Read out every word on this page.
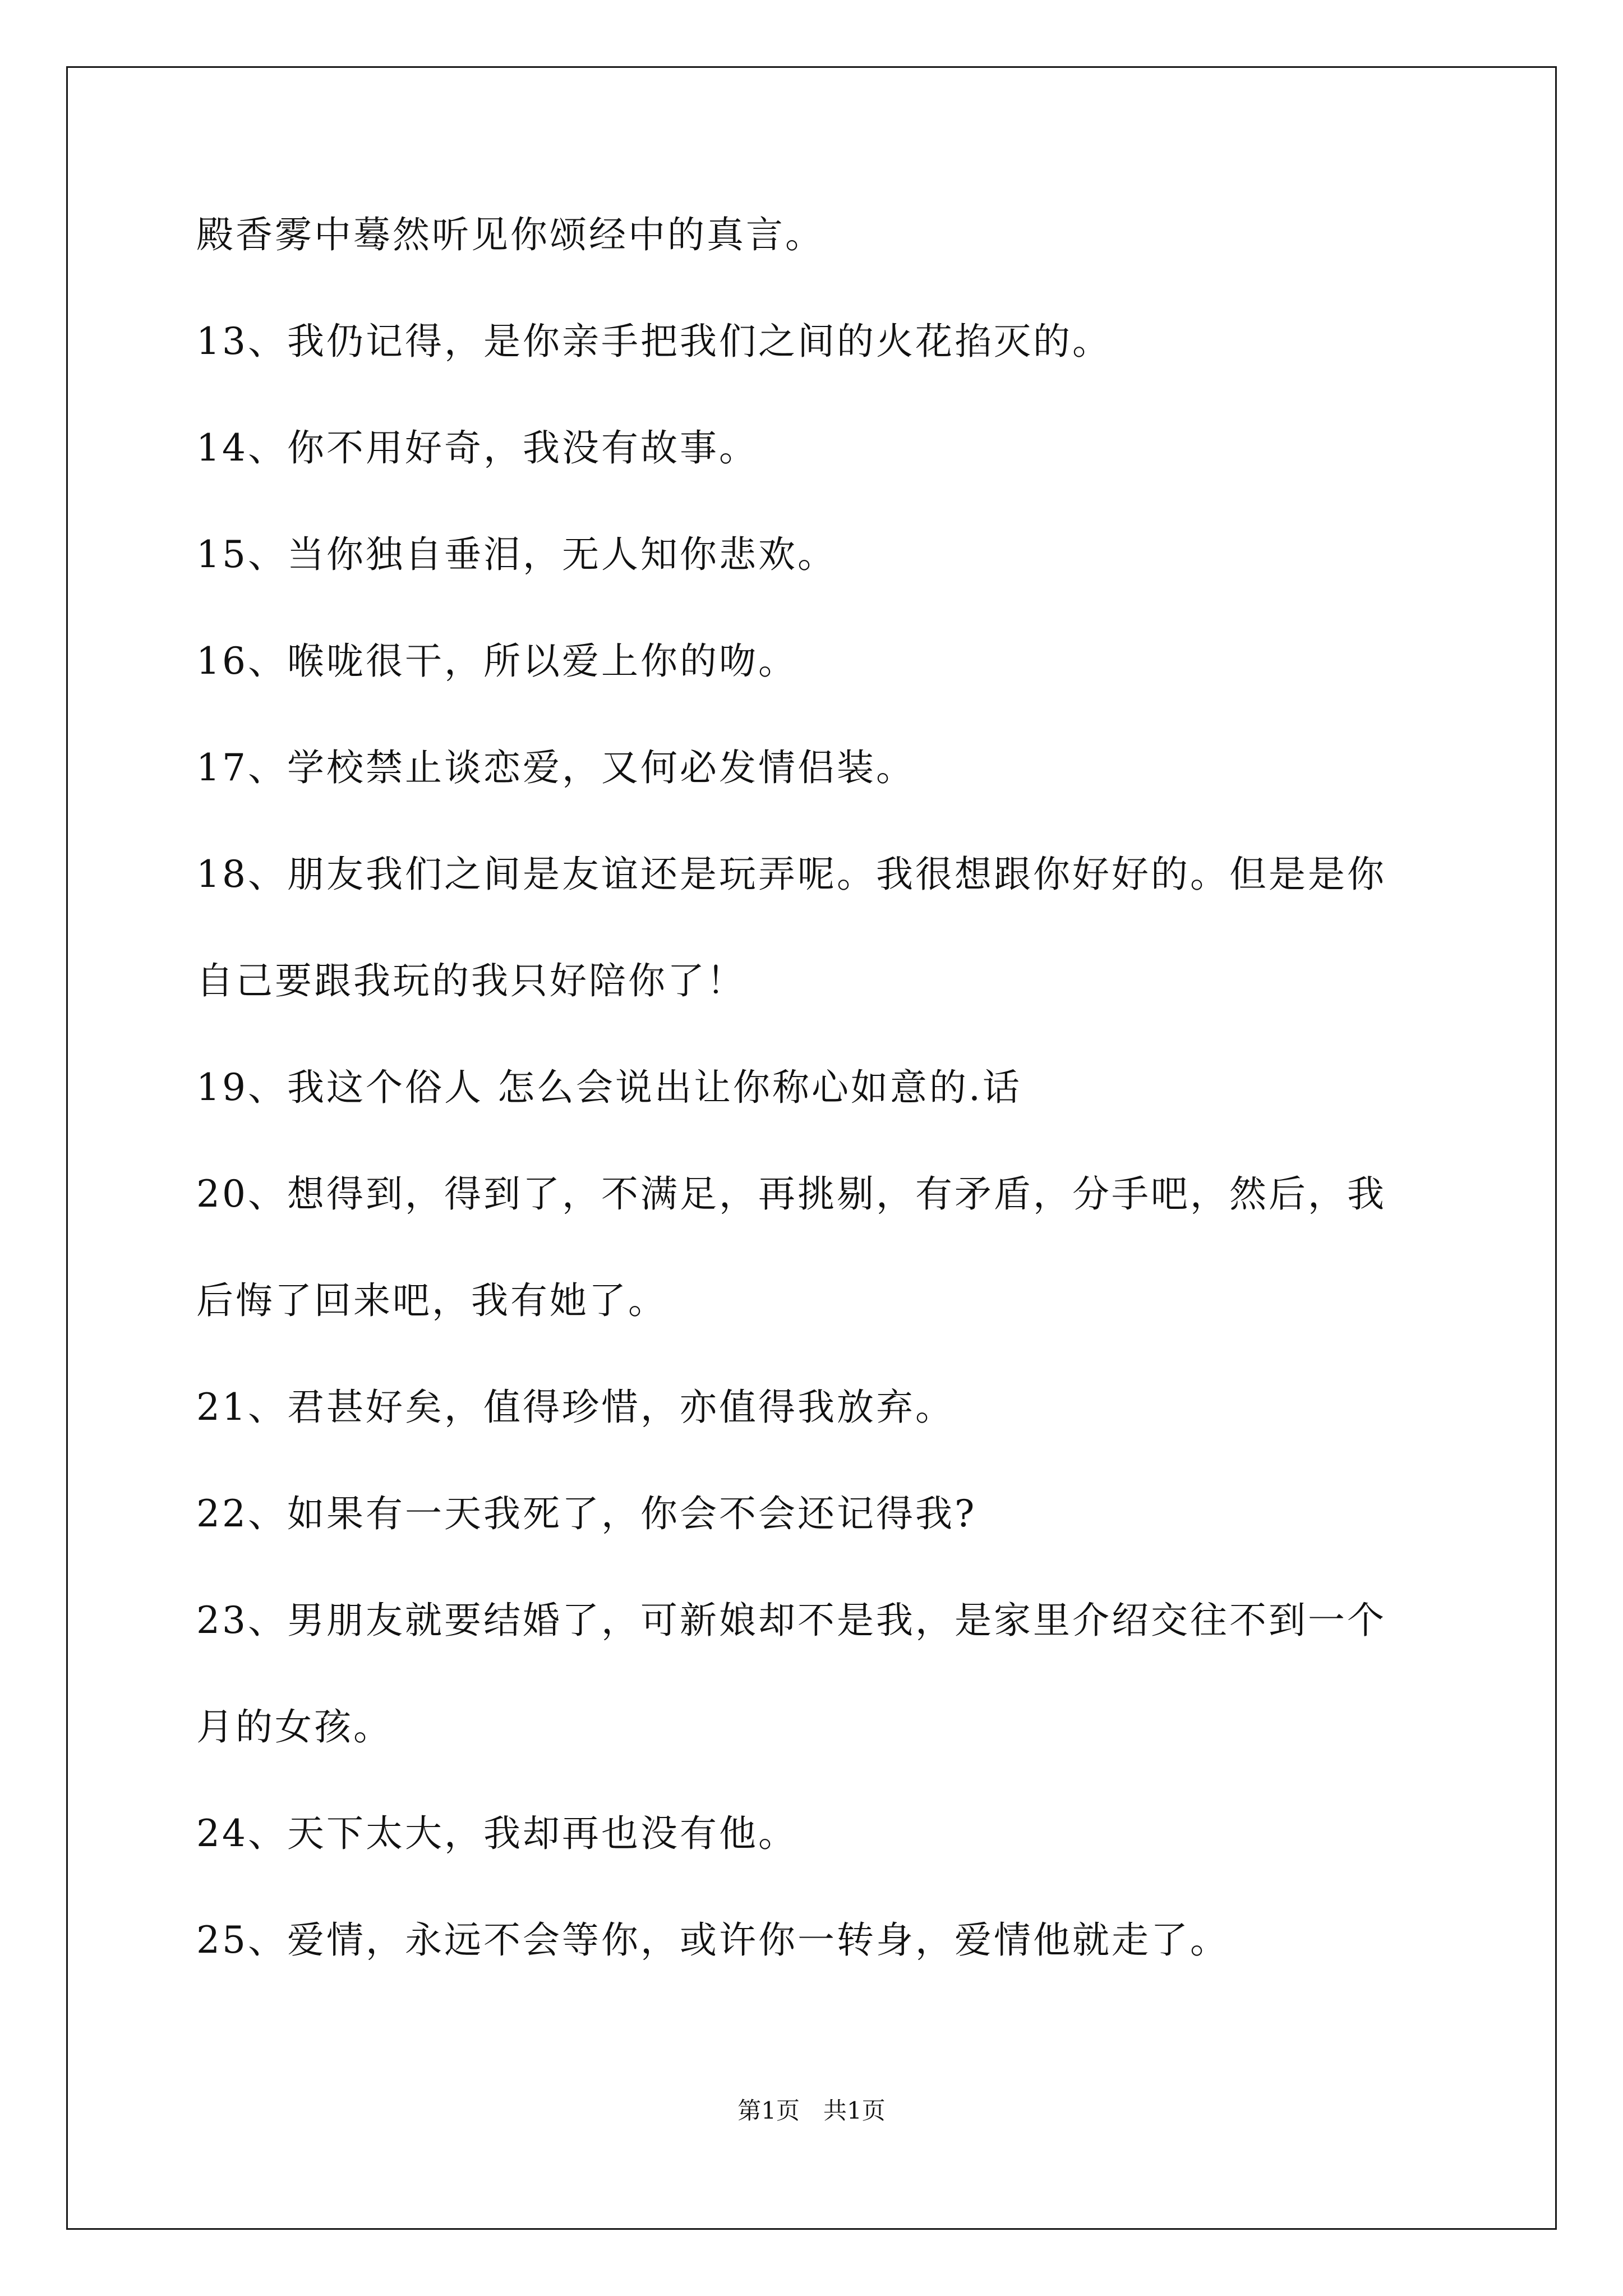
殿香雾中蓦然听见你颂经中的真言。

13、我仍记得，是你亲手把我们之间的火花掐灭的。

14、你不用好奇，我没有故事。

15、当你独自垂泪，无人知你悲欢。

16、喉咙很干，所以爱上你的吻。

17、学校禁止谈恋爱，又何必发情侣装。

18、朋友我们之间是友谊还是玩弄呢。我很想跟你好好的。但是是你

自己要跟我玩的我只好陪你了！

19、我这个俗人 怎么会说出让你称心如意的.话

20、想得到，得到了，不满足，再挑剔，有矛盾，分手吧，然后，我

后悔了回来吧，我有她了。

21、君甚好矣，值得珍惜，亦值得我放弃。

22、如果有一天我死了，你会不会还记得我?

23、男朋友就要结婚了，可新娘却不是我，是家里介绍交往不到一个

月的女孩。

24、天下太大，我却再也没有他。

25、爱情，永远不会等你，或许你一转身，爱情他就走了。

第1页　共1页
